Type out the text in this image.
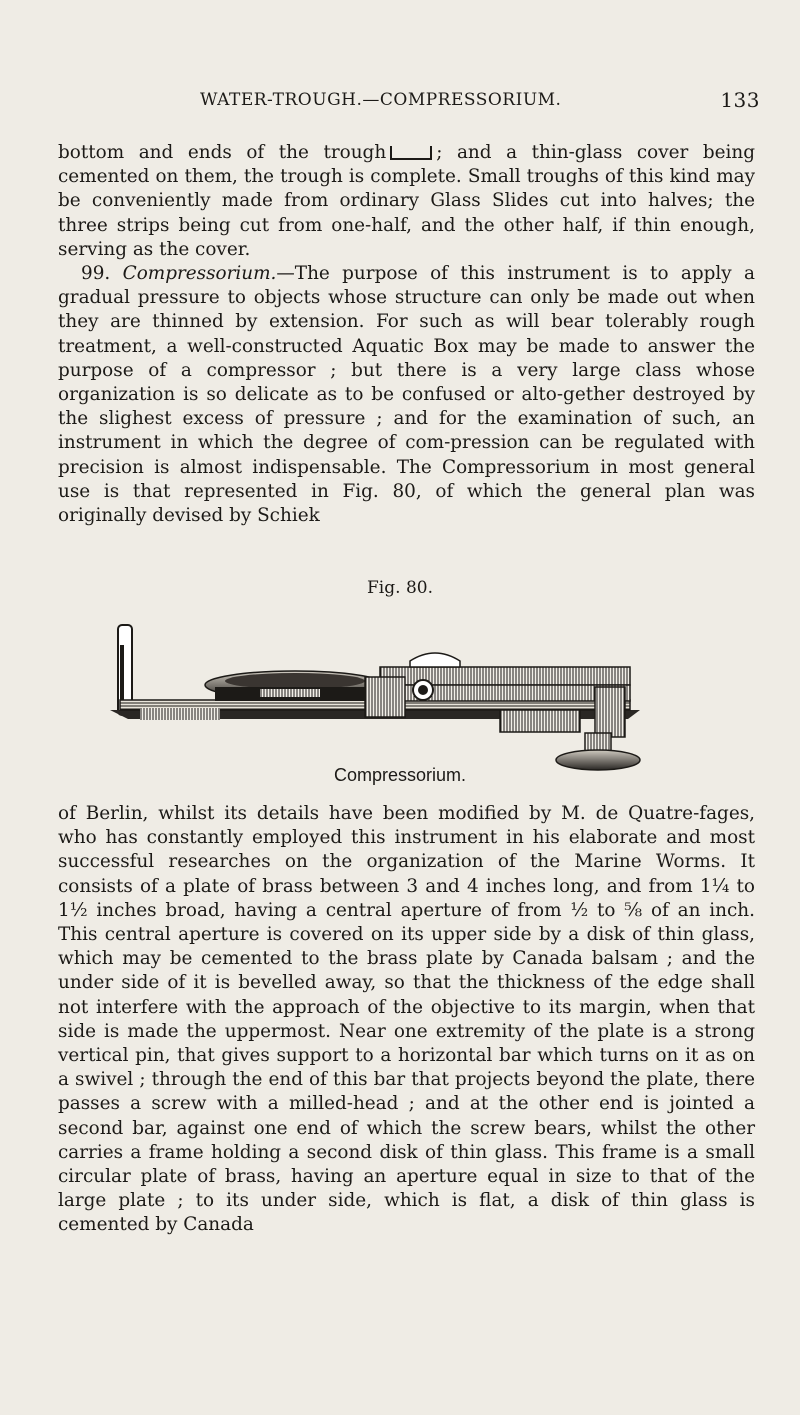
WATER-TROUGH.—COMPRESSORIUM.	133

bottom and ends of the trough	; and a thin-glass cover being cemented on them, the trough is complete. Small troughs of this kind may be conveniently made from ordinary Glass Slides cut into halves; the three strips being cut from one-half, and the other half, if thin enough, serving as the cover.

99. Compressorium.—The purpose of this instrument is to apply a gradual pressure to objects whose structure can only be made out when they are thinned by extension. For such as will bear tolerably rough treatment, a well-constructed Aquatic Box may be made to answer the purpose of a compressor ; but there is a very large class whose organization is so delicate as to be confused or alto-gether destroyed by the slighest excess of pressure ; and for the examination of such, an instrument in which the degree of com-pression can be regulated with precision is almost indispensable. The Compressorium in most general use is that represented in Fig. 80, of which the general plan was originally devised by Schiek

Fig. 80.
Compressorium.

of Berlin, whilst its details have been modified by M. de Quatre-fages, who has constantly employed this instrument in his elaborate and most successful researches on the organization of the Marine Worms. It consists of a plate of brass between 3 and 4 inches long, and from 1¼ to 1½ inches broad, having a central aperture of from ½ to ⅝ of an inch. This central aperture is covered on its upper side by a disk of thin glass, which may be cemented to the brass plate by Canada balsam ; and the under side of it is bevelled away, so that the thickness of the edge shall not interfere with the approach of the objective to its margin, when that side is made the uppermost. Near one extremity of the plate is a strong vertical pin, that gives support to a horizontal bar which turns on it as on a swivel ; through the end of this bar that projects beyond the plate, there passes a screw with a milled-head ; and at the other end is jointed a second bar, against one end of which the screw bears, whilst the other carries a frame holding a second disk of thin glass. This frame is a small circular plate of brass, having an aperture equal in size to that of the large plate ; to its under side, which is flat, a disk of thin glass is cemented by Canada
